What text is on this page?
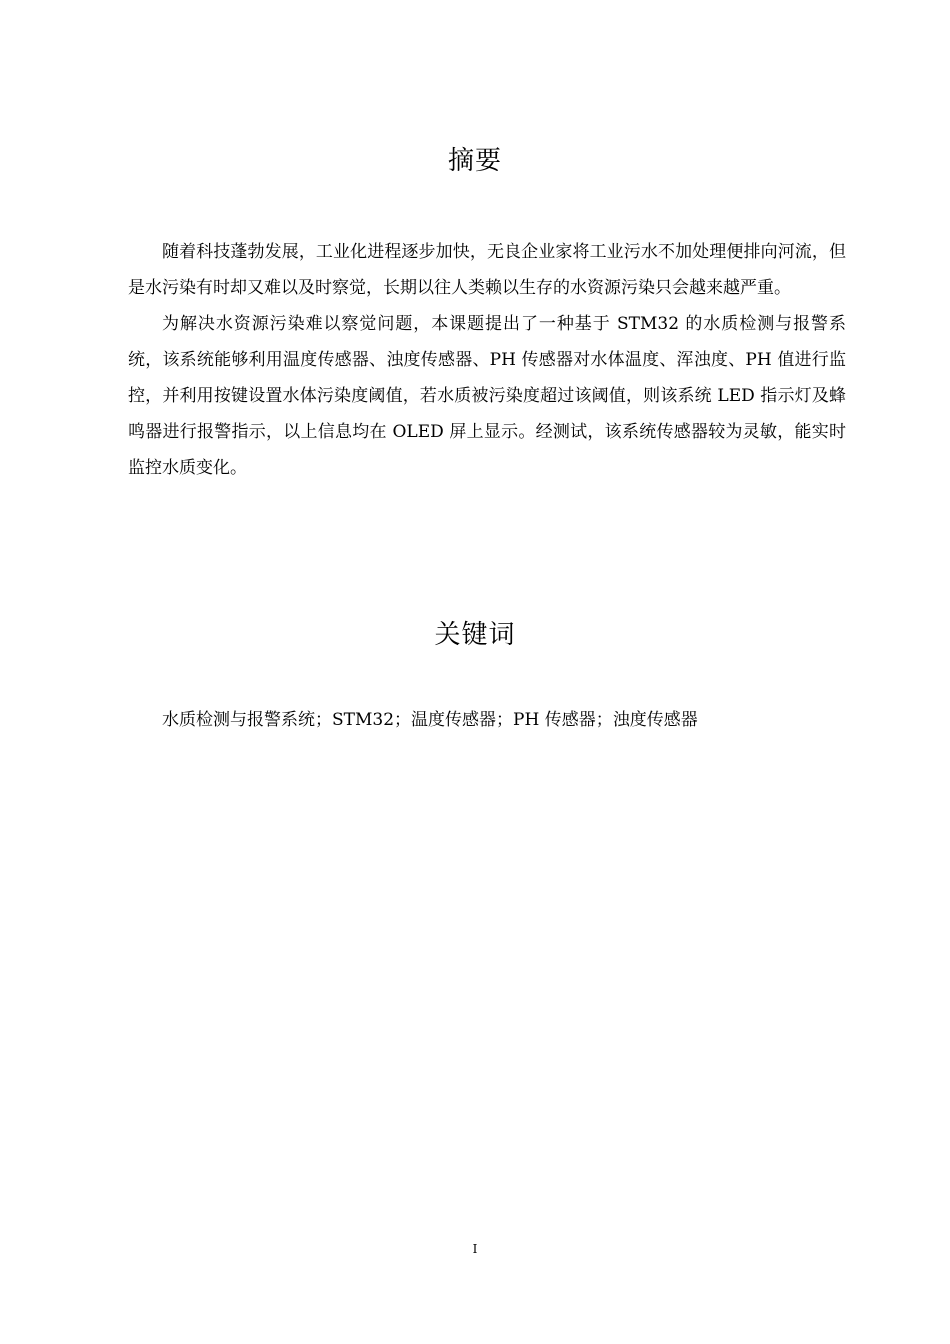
摘要

随着科技蓬勃发展，工业化进程逐步加快，无良企业家将工业污水不加处理便排向河流，但是水污染有时却又难以及时察觉，长期以往人类赖以生存的水资源污染只会越来越严重。

为解决水资源污染难以察觉问题，本课题提出了一种基于 STM32 的水质检测与报警系统，该系统能够利用温度传感器、浊度传感器、PH 传感器对水体温度、浑浊度、PH 值进行监控，并利用按键设置水体污染度阈值，若水质被污染度超过该阈值，则该系统 LED 指示灯及蜂鸣器进行报警指示，以上信息均在 OLED 屏上显示。经测试，该系统传感器较为灵敏，能实时监控水质变化。

关键词

水质检测与报警系统；STM32；温度传感器；PH 传感器；浊度传感器

I
